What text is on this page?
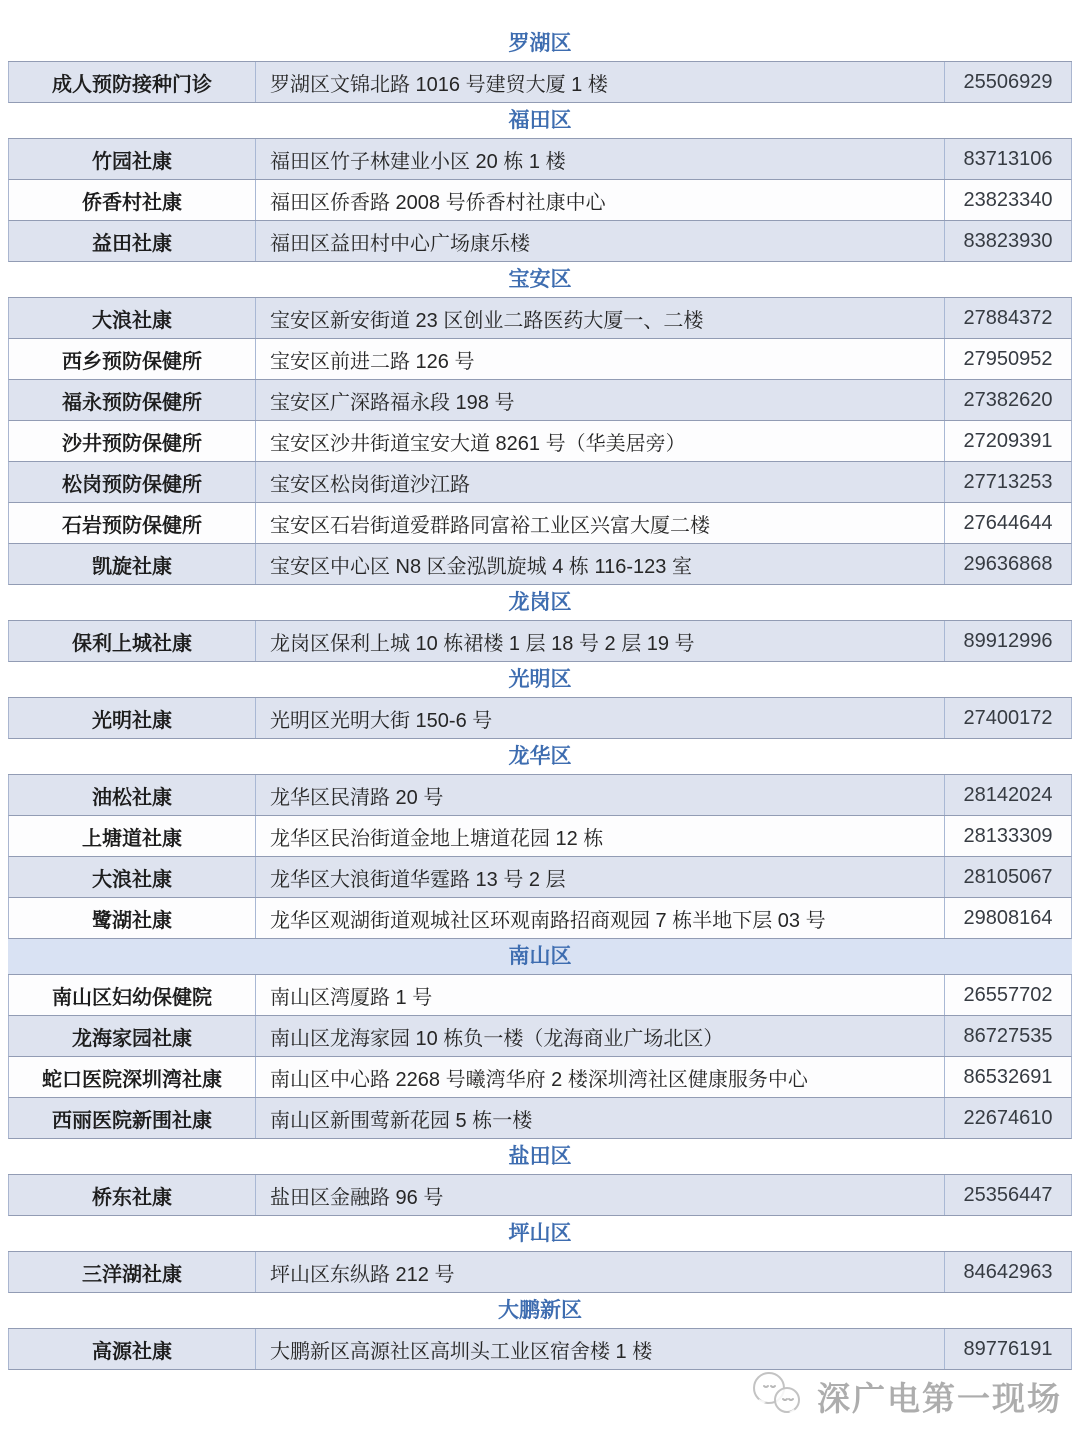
罗湖区
成人预防接种门诊	罗湖区文锦北路 1016 号建贸大厦 1 楼	25506929
福田区
竹园社康	福田区竹子林建业小区 20 栋 1 楼	83713106
侨香村社康	福田区侨香路 2008 号侨香村社康中心	23823340
益田社康	福田区益田村中心广场康乐楼	83823930
宝安区
大浪社康	宝安区新安街道 23 区创业二路医药大厦一、二楼	27884372
西乡预防保健所	宝安区前进二路 126 号	27950952
福永预防保健所	宝安区广深路福永段 198 号	27382620
沙井预防保健所	宝安区沙井街道宝安大道 8261 号（华美居旁）	27209391
松岗预防保健所	宝安区松岗街道沙江路	27713253
石岩预防保健所	宝安区石岩街道爱群路同富裕工业区兴富大厦二楼	27644644
凯旋社康	宝安区中心区 N8 区金泓凯旋城 4 栋 116-123 室	29636868
龙岗区
保利上城社康	龙岗区保利上城 10 栋裙楼 1 层 18 号 2 层 19 号	89912996
光明区
光明社康	光明区光明大街 150-6 号	27400172
龙华区
油松社康	龙华区民清路 20 号	28142024
上塘道社康	龙华区民治街道金地上塘道花园 12 栋	28133309
大浪社康	龙华区大浪街道华霆路 13 号 2 层	28105067
鹭湖社康	龙华区观湖街道观城社区环观南路招商观园 7 栋半地下层 03 号	29808164
南山区
南山区妇幼保健院	南山区湾厦路 1 号	26557702
龙海家园社康	南山区龙海家园 10 栋负一楼（龙海商业广场北区）	86727535
蛇口医院深圳湾社康	南山区中心路 2268 号曦湾华府 2 楼深圳湾社区健康服务中心	86532691
西丽医院新围社康	南山区新围莺新花园 5 栋一楼	22674610
盐田区
桥东社康	盐田区金融路 96 号	25356447
坪山区
三洋湖社康	坪山区东纵路 212 号	84642963
大鹏新区
高源社康	大鹏新区高源社区高圳头工业区宿舍楼 1 楼	89776191
深广电第一现场
